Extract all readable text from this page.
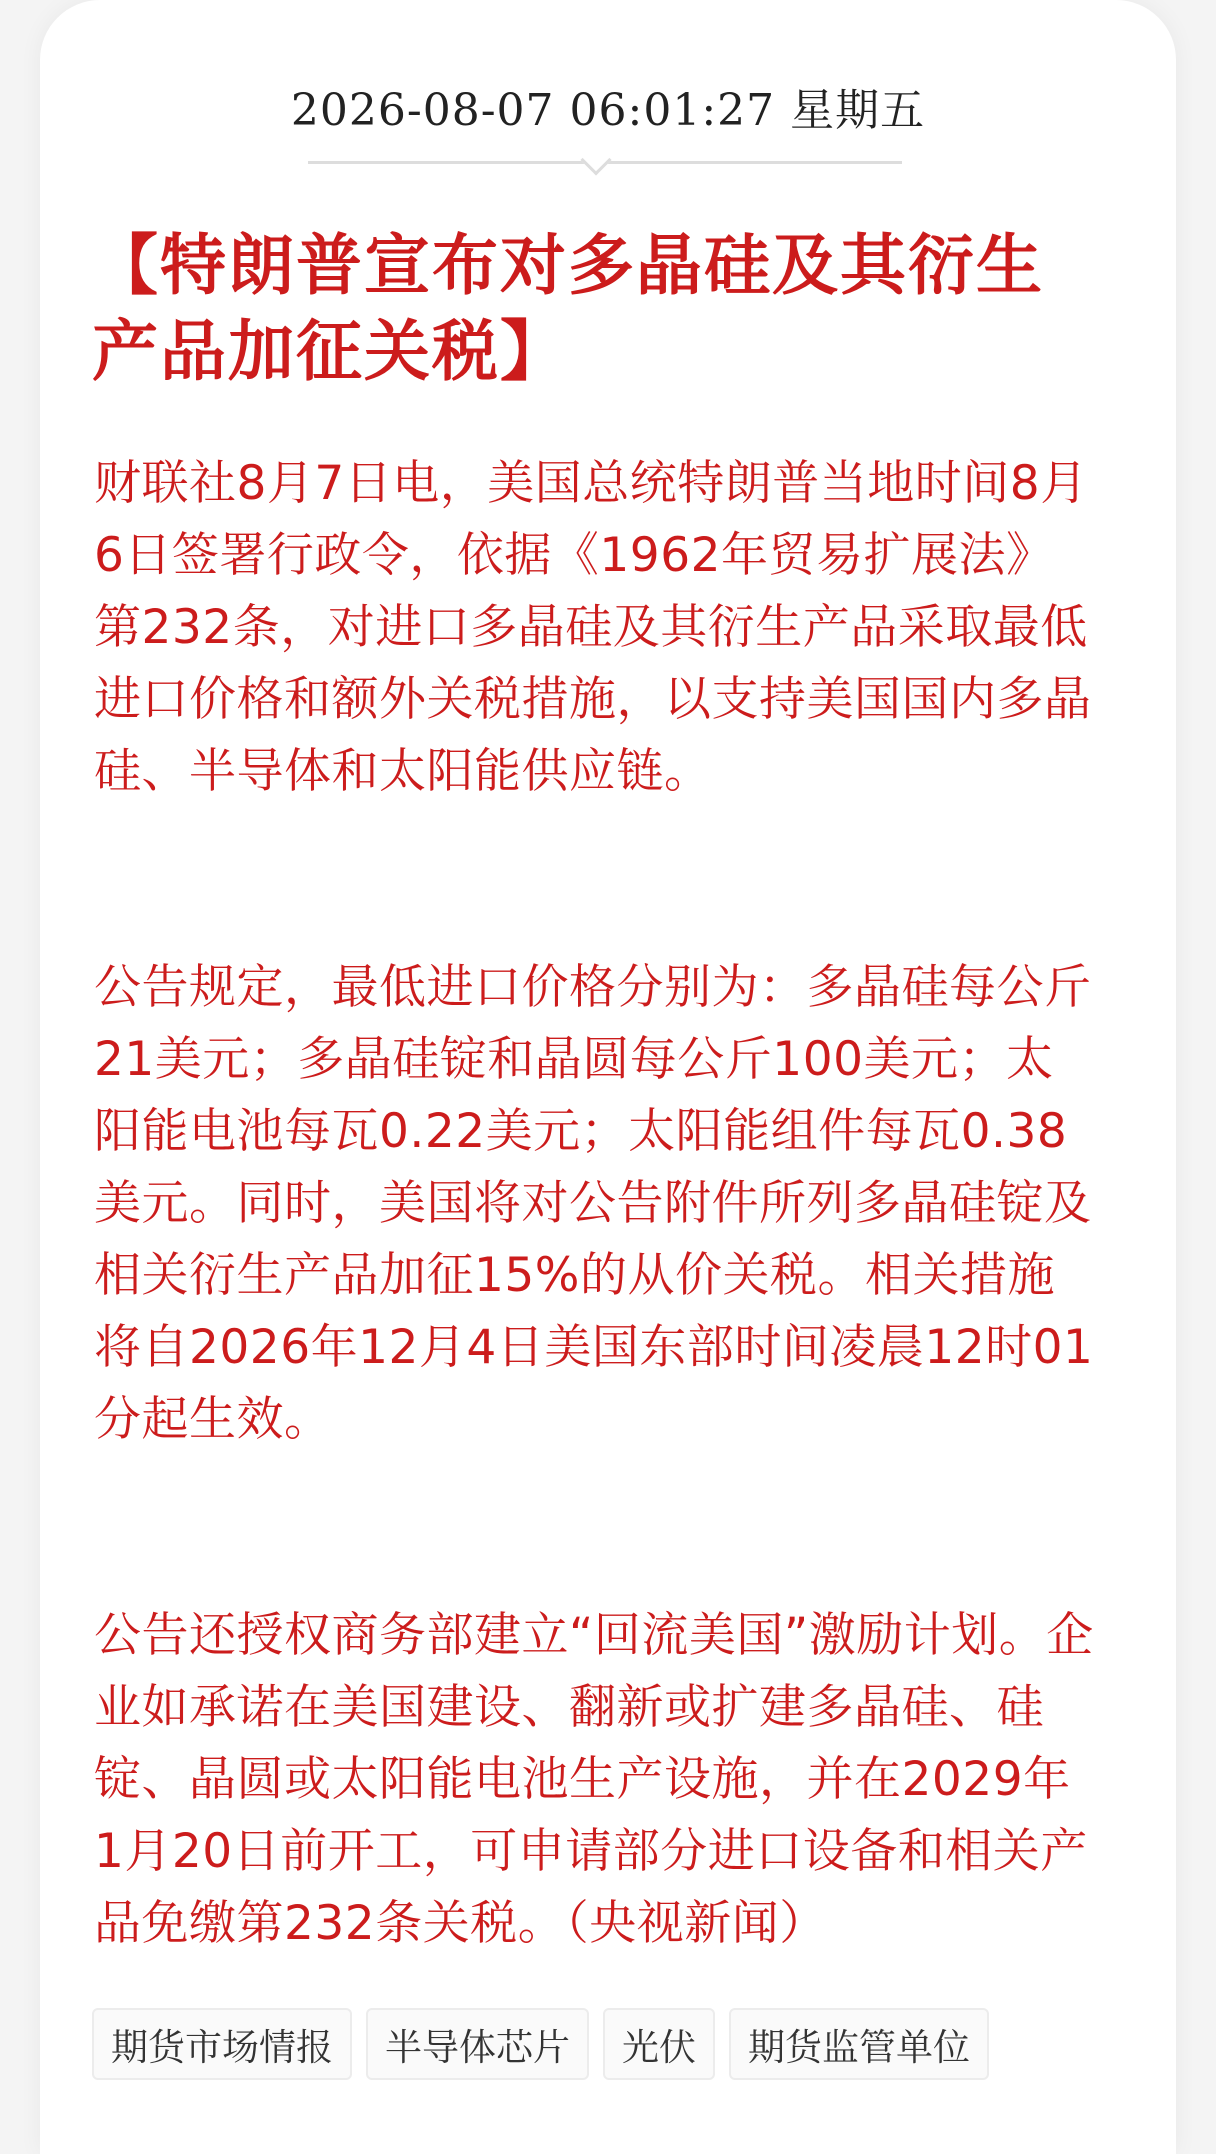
2026-08-07 06:01:27 星期五
【特朗普宣布对多晶硅及其衍生产品加征关税】

财联社8月7日电，美国总统特朗普当地时间8月6日签署行政令，依据《1962年贸易扩展法》第232条，对进口多晶硅及其衍生产品采取最低进口价格和额外关税措施，以支持美国国内多晶硅、半导体和太阳能供应链。

公告规定，最低进口价格分别为：多晶硅每公斤21美元；多晶硅锭和晶圆每公斤100美元；太阳能电池每瓦0.22美元；太阳能组件每瓦0.38美元。同时，美国将对公告附件所列多晶硅锭及相关衍生产品加征15%的从价关税。相关措施将自2026年12月4日美国东部时间凌晨12时01分起生效。

公告还授权商务部建立“回流美国”激励计划。企业如承诺在美国建设、翻新或扩建多晶硅、硅锭、晶圆或太阳能电池生产设施，并在2029年1月20日前开工，可申请部分进口设备和相关产品免缴第232条关税。（央视新闻）

期货市场情报	半导体芯片	光伏	期货监管单位
